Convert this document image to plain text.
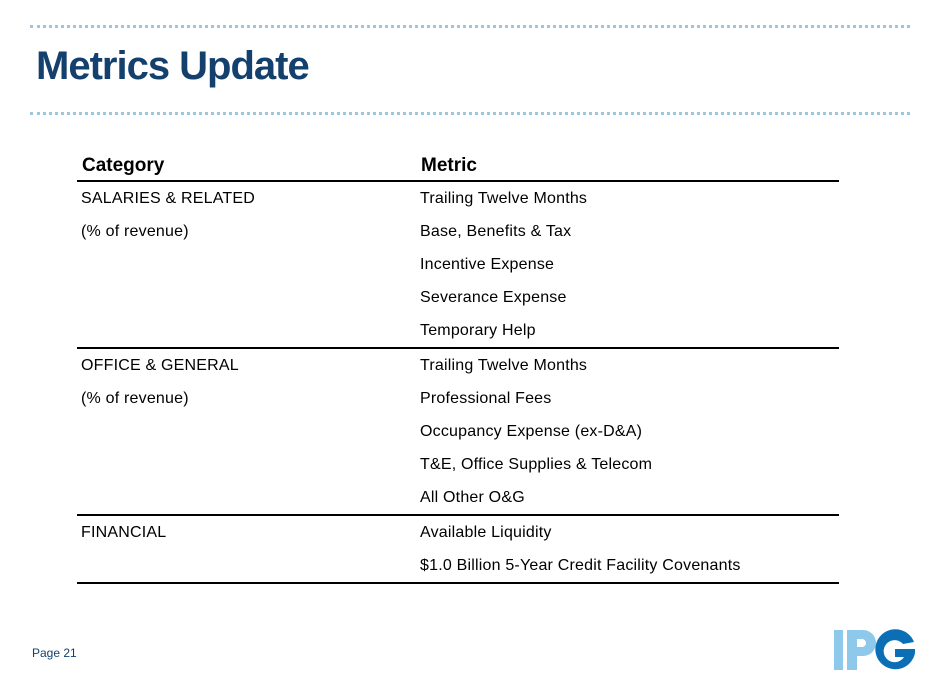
Metrics Update
Category	Metric
SALARIES & RELATED	Trailing Twelve Months
(% of revenue)	Base, Benefits & Tax
	Incentive Expense
	Severance Expense
	Temporary Help
OFFICE & GENERAL	Trailing Twelve Months
(% of revenue)	Professional Fees
	Occupancy Expense (ex-D&A)
	T&E, Office Supplies & Telecom
	All Other O&G
FINANCIAL	Available Liquidity
	$1.0 Billion 5-Year Credit Facility Covenants
Page 21
